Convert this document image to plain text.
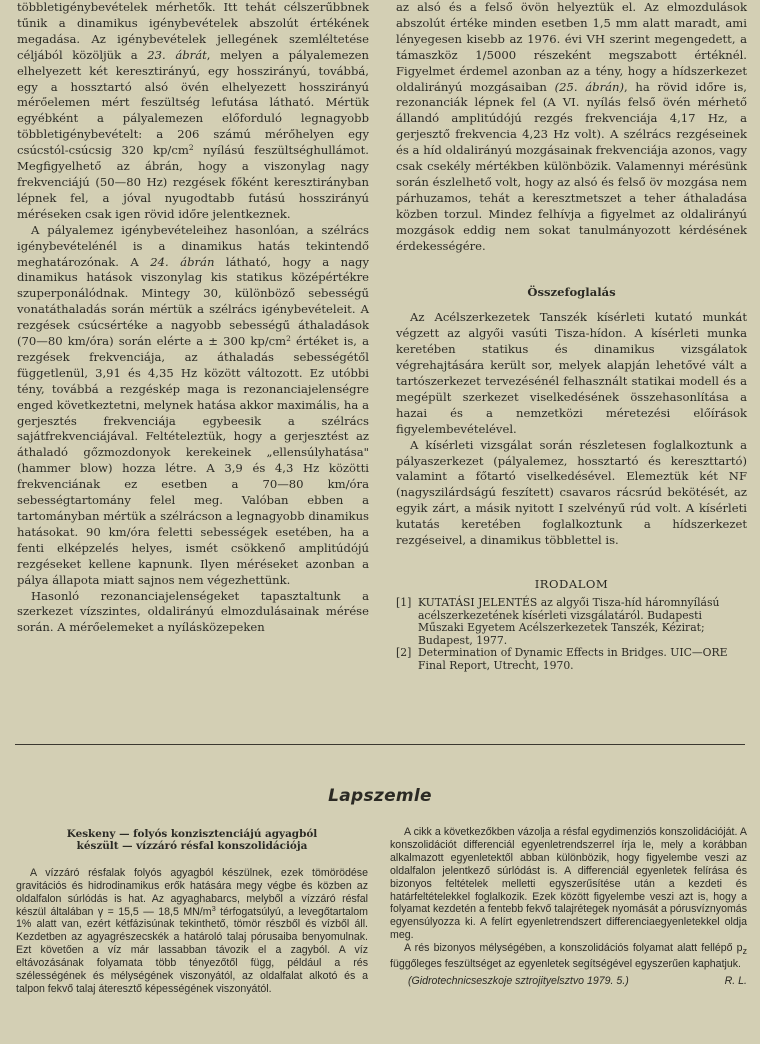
többletigénybevételek mérhetők. Itt tehát célszerűbbnek tűnik a dinamikus igénybevételek abszolút értékének megadása. Az igénybevételek jellegének szemléltetése céljából közöljük a 23. ábrát, melyen a pályalemezen elhelyezett két keresztirányú, egy hosszirányú, továbbá, egy a hossztartó alsó övén elhelyezett hosszirányú mérőelemen mért feszültség lefutása látható. Mértük egyébként a pályalemezen előforduló legnagyobb többletigénybevételt: a 206 számú mérőhelyen egy csúcstól-csúcsig 320 $kp/cm^2$ nyílású feszültséghullámot. Megfigyelhető az ábrán, hogy a viszonylag nagy frekvenciájú (50—80 Hz) rezgések főként keresztirányban lépnek fel, a jóval nyugodtabb futású hosszirányú méréseken csak igen rövid időre jelentkeznek.

A pályalemez igénybevételeihez hasonlóan, a szélrács igénybevételénél is a dinamikus hatás tekintendő meghatározónak. A 24. ábrán látható, hogy a nagy dinamikus hatások viszonylag kis statikus középértékre szuperponálódnak. Mintegy 30, különböző sebességű vonatáthaladás során mértük a szélrács igénybevételeit. A rezgések csúcsértéke a nagyobb sebességű áthaladások (70—80 km/óra) során elérte a ± 300 $kp/cm^2$ értéket is, a rezgések frekvenciája, az áthaladás sebességétől függetlenül, 3,91 és 4,35 Hz között változott. Ez utóbbi tény, továbbá a rezgéskép maga is rezonanciajelenségre enged következtetni, melynek hatása akkor maximális, ha a gerjesztés frekvenciája egybeesik a szélrács sajátfrekvenciájával. Feltételeztük, hogy a gerjesztést az áthaladó gőzmozdonyok kerekeinek „ellensúlyhatása" (hammer blow) hozza létre. A 3,9 és 4,3 Hz közötti frekvenciának ez esetben a 70—80 km/óra sebességtartomány felel meg. Valóban ebben a tartományban mértük a szélrácson a legnagyobb dinamikus hatásokat. 90 km/óra feletti sebességek esetében, ha a fenti elképzelés helyes, ismét csökkenő amplitúdójú rezgéseket kellene kapnunk. Ilyen méréseket azonban a pálya állapota miatt sajnos nem végezhettünk.

Hasonló rezonanciajelenségeket tapasztaltunk a szerkezet vízszintes, oldalirányú elmozdulásainak mérése során. A mérőelemeket a nyílásközepeken

az alsó és a felső övön helyeztük el. Az elmozdulások abszolút értéke minden esetben 1,5 mm alatt maradt, ami lényegesen kisebb az 1976. évi VH szerint megengedett, a támaszköz 1/5000 részeként megszabott értéknél. Figyelmet érdemel azonban az a tény, hogy a hídszerkezet oldalirányú mozgásaiban (25. ábrán), ha rövid időre is, rezonanciák lépnek fel (A VI. nyílás felső övén mérhető állandó amplitúdójú rezgés frekvenciája 4,17 Hz, a gerjesztő frekvencia 4,23 Hz volt). A szélrács rezgéseinek és a híd oldalirányú mozgásainak frekvenciája azonos, vagy csak csekély mértékben különbözik. Valamennyi mérésünk során észlelhető volt, hogy az alsó és felső öv mozgása nem párhuzamos, tehát a keresztmetszet a teher áthaladása közben torzul. Mindez felhívja a figyelmet az oldalirányú mozgások eddig nem sokat tanulmányozott kérdésének érdekességére.

Összefoglalás

Az Acélszerkezetek Tanszék kísérleti kutató munkát végzett az algyői vasúti Tisza-hídon. A kísérleti munka keretében statikus és dinamikus vizsgálatok végrehajtására került sor, melyek alapján lehetővé vált a tartószerkezet tervezésénél felhasznált statikai modell és a megépült szerkezet viselkedésének összehasonlítása a hazai és a nemzetközi méretezési előírások figyelembevételével.

A kísérleti vizsgálat során részletesen foglalkoztunk a pályaszerkezet (pályalemez, hossztartó és kereszttartó) valamint a főtartó viselkedésével. Elemeztük két NF (nagyszilárdságú feszített) csavaros rácsrúd bekötését, az egyik zárt, a másik nyitott I szelvényű rúd volt. A kísérleti kutatás keretében foglalkoztunk a hídszerkezet rezgéseivel, a dinamikus többlettel is.

IRODALOM
[1] KUTATÁSI JELENTÉS az algyői Tisza-híd háromnyílású acélszerkezetének kísérleti vizsgálatáról. Budapesti Műszaki Egyetem Acélszerkezetek Tanszék, Kézirat; Budapest, 1977.
[2] Determination of Dynamic Effects in Bridges. UIC—ORE Final Report, Utrecht, 1970.
Lapszemle
Keskeny — folyós konzisztenciájú agyagból
készült — vízzáró résfal konszolidációja

A vízzáró résfalak folyós agyagból készülnek, ezek tömörödése gravitációs és hidrodinamikus erők hatására megy végbe és közben az oldalfalon súrlódás is hat. Az agyaghabarcs, melyből a vízzáró résfal készül általában γ = 15,5 — 18,5 $MN/m^3$ térfogatsúlyú, a levegőtartalom 1% alatt van, ezért kétfázisúnak tekinthető, tömör részből és vízből áll. Kezdetben az agyagrészecskék a határoló talaj pórusaiba benyomulnak. Ezt követően a víz már lassabban távozik el a zagyból. A víz eltávozásának folyamata több tényezőtől függ, például a rés szélességének és mélységének viszonyától, az oldalfalat alkotó és a talpon fekvő talaj áteresztő képességének viszonyától.

A cikk a következőkben vázolja a résfal egydimenziós konszolidációját. A konszolidációt differenciál egyenletrendszerrel írja le, mely a korábban alkalmazott egyenletektől abban különbözik, hogy figyelembe veszi az oldalfalon jelentkező súrlódást is. A differenciál egyenletek felírása és bizonyos feltételek melletti egyszerűsítése után a kezdeti és határfeltételekkel foglalkozik. Ezek között figyelembe veszi azt is, hogy a folyamat kezdetén a fentebb fekvő talajrétegek nyomását a pórusvíznyomás egyensúlyozza ki. A felírt egyenletrendszert differenciaegyenletekkel oldja meg.

A rés bizonyos mélységében, a konszolidációs folyamat alatt fellépő $p_z$ függőleges feszültséget az egyenletek segítségével egyszerűen kaphatjuk.

(Gidrotechnicseszkoje sztrojityelsztvo 1979. 5.)	R. L.
